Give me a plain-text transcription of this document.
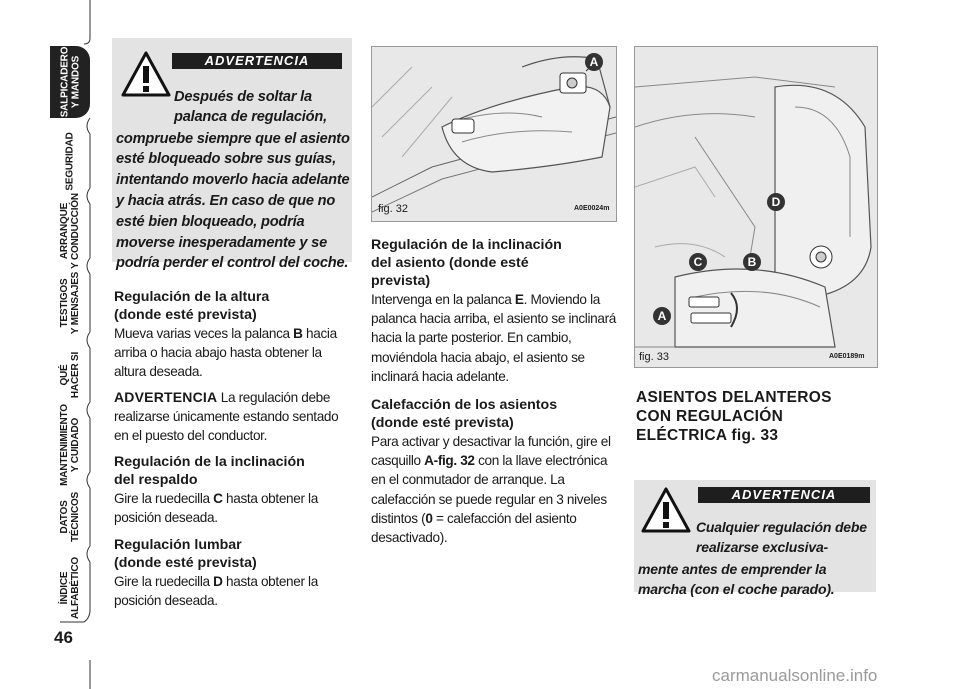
SALPICADERO
Y MANDOS
SEGURIDAD
ARRANQUE
Y CONDUCCIÓN
TESTIGOS
Y MENSAJES
QUÉ
HACER SI
MANTENIMIENTO
Y CUIDADO
DATOS
TÉCNICOS
ÍNDICE
ALFABÉTICO
46
ADVERTENCIA

Después de soltar la palanca de regulación,

compruebe siempre que el asiento esté bloqueado sobre sus guías, intentando moverlo hacia adelante y hacia atrás. En caso de que no esté bien bloqueado, podría moverse inesperadamente y se podría perder el control del coche.

Regulación de la altura
(donde esté prevista)

Mueva varias veces la palanca B hacia arriba o hacia abajo hasta obtener la altura deseada.

ADVERTENCIA La regulación debe realizarse únicamente estando sentado en el puesto del conductor.

Regulación de la inclinación
del respaldo

Gire la ruedecilla C hasta obtener la posición deseada.

Regulación lumbar
(donde esté prevista)

Gire la ruedecilla D hasta obtener la posición deseada.

A
fig. 32	A0E0024m

Regulación de la inclinación
del asiento (donde esté
prevista)

Intervenga en la palanca E. Moviendo la palanca hacia arriba, el asiento se inclinará hacia la parte posterior. En cambio, moviéndola hacia abajo, el asiento se inclinará hacia adelante.

Calefacción de los asientos
(donde esté prevista)

Para activar y desactivar la función, gire el casquillo A-fig. 32 con la llave electrónica en el conmutador de arranque. La calefacción se puede regular en 3 niveles distintos (0 = calefacción del asiento desactivado).

D
B
C
A
fig. 33	A0E0189m

ASIENTOS DELANTEROS
CON REGULACIÓN
ELÉCTRICA fig. 33

ADVERTENCIA

Cualquier regulación debe realizarse exclusiva-

mente antes de emprender la marcha (con el coche parado).

carmanualsonline.info
